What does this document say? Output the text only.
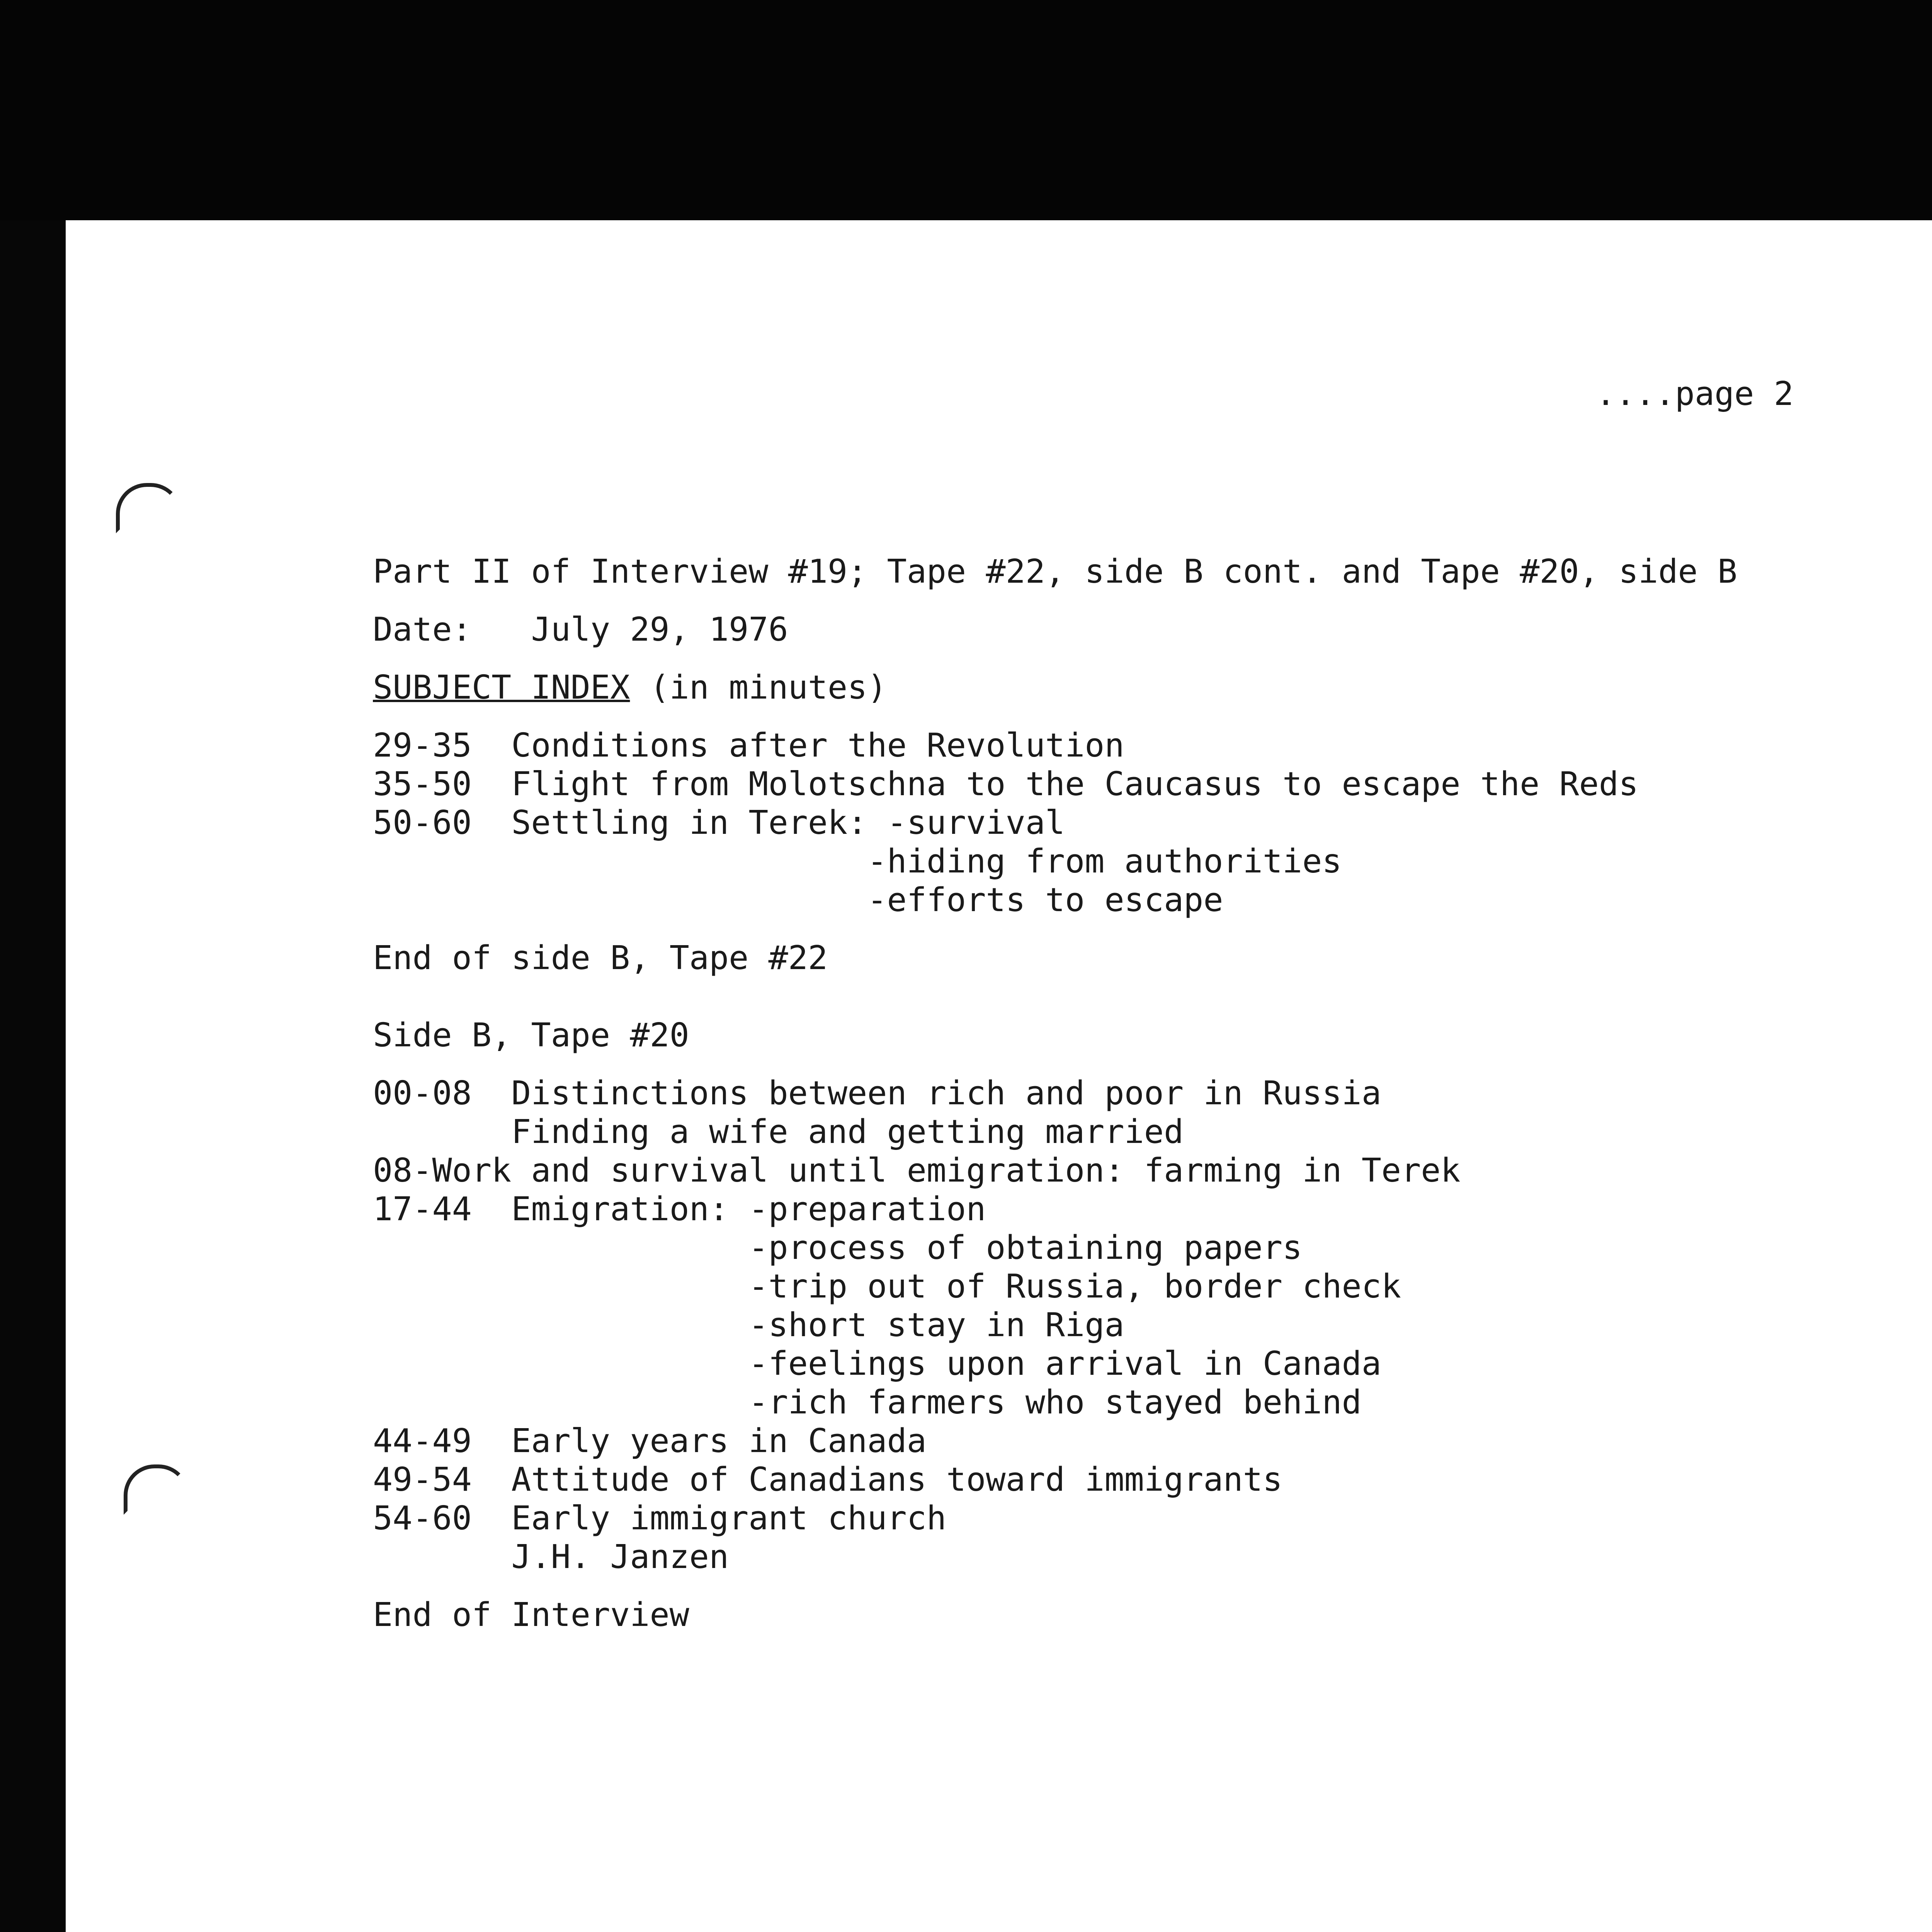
....page 2
Part II of Interview #19; Tape #22, side B cont. and Tape #20, side B
Date:   July 29, 1976
SUBJECT INDEX (in minutes)
29-35  Conditions after the Revolution
35-50  Flight from Molotschna to the Caucasus to escape the Reds
50-60  Settling in Terek: -survival
-hiding from authorities
-efforts to escape
End of side B, Tape #22
Side B, Tape #20
00-08  Distinctions between rich and poor in Russia
Finding a wife and getting married
08-Work and survival until emigration: farming in Terek
17-44  Emigration: -preparation
-process of obtaining papers
-trip out of Russia, border check
-short stay in Riga
-feelings upon arrival in Canada
-rich farmers who stayed behind
44-49  Early years in Canada
49-54  Attitude of Canadians toward immigrants
54-60  Early immigrant church
J.H. Janzen
End of Interview
